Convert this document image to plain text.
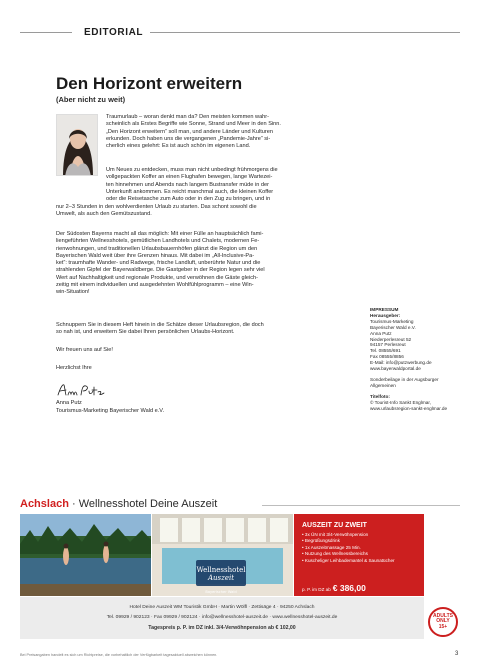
EDITORIAL
Den Horizont erweitern
(Aber nicht zu weit)
Traumurlaub – woran denkt man da? Den meisten kommen wahr-
scheinlich als Erstes Begriffe wie Sonne, Strand und Meer in den Sinn.
„Den Horizont erweitern“ soll man, und andere Länder und Kulturen
erkunden. Doch haben uns die vergangenen „Pandemie-Jahre“ si-
cherlich eines gelehrt: Es ist auch schön im eigenen Land.
Um Neues zu entdecken, muss man nicht unbedingt frühmorgens die
vollgepackten Koffer an einen Flughafen bewegen, lange Wartezei-
ten hinnehmen und Abends nach langem Bustransfer müde in der
Unterkunft ankommen. Es reicht manchmal auch, die kleinen Koffer
oder die Reisetasche zum Auto oder in den Zug zu bringen, und in
nur 2–3 Stunden in den wohlverdienten Urlaub zu starten. Das schont sowohl die
Umwelt, als auch den Gemütszustand.
Der Südosten Bayerns macht all das möglich: Mit einer Fülle an hauptsächlich fami-
liengeführten Wellnesshotels, gemütlichen Landhotels und Chalets, modernen Fe-
rienwohnungen, und traditionellen Urlaubsbauernhöfen glänzt die Region um den
Bayerischen Wald weit über ihre Grenzen hinaus. Mit dabei im „All-Inclusive-Pa-
ket“: traumhafte Wander- und Radwege, frische Landluft, unberührte Natur und die
strahlenden Gipfel der Bayerwaldberge. Die Gastgeber in der Region legen sehr viel
Wert auf Nachhaltigkeit und regionale Produkte, und verwöhnen die Gäste gleich-
zeitig mit einem individuellen und ausgedehnten Wohlfühlprogramm – eine Win-
win-Situation!
Schnuppern Sie in diesem Heft hinein in die Schätze dieser Urlaubsregion, die doch
so nah ist, und erweitern Sie dabei Ihren persönlichen Urlaubs-Horizont.
Wir freuen uns auf Sie!
Herzlichst Ihre
Anna Putz
Tourismus-Marketing Bayerischer Wald e.V.
IMPRESSUM
Herausgeber:
Tourismus-Marketing
Bayerischer Wald e.V.
Anna Putz
Niederperlesreut 52
94157 Perlesreut
Tel. 08555/691
Fax 08555/8856
E-Mail: info@putzwerbung.de
www.bayerwaldportal.de
Sonderbeilage in der Augsburger
Allgemeinen
Titelfoto:
© Tourist-Info Sankt Englmar,
www.urlaubsregion-sankt-englmar.de
Achslach · Wellnesshotel Deine Auszeit
Wellnesshotel
Auszeit
Bayerischer Wald
AUSZEIT ZU ZWEIT
• 3x ÜN mit 3/4-Verwöhnpension
• Begrüßungsdrink
• 1x Auszeitmassage 25 Min.
• Nutzung des Wellnessbereichs
• Kuscheliger Leihbademantel & Saunatücher
p. P. im DZ ab € 386,00
Hotel Deine Auszeit WM Touristik GmbH · Martin Wölfl · Zettisäge 4 · 94250 Achslach
Tel. 09929 / 902123 · Fax 09929 / 902124 · info@wellnesshotel-auszeit.de · www.wellnesshotel-auszeit.de
Tagespreis p. P. im DZ inkl. 3/4-Verwöhnpension ab € 102,00
ADULTS
ONLY
15+
Bei Preisangaben handelt es sich um Richtpreise, die vorbehaltlich der Verfügbarkeit tagesaktuell abweichen können.	3
